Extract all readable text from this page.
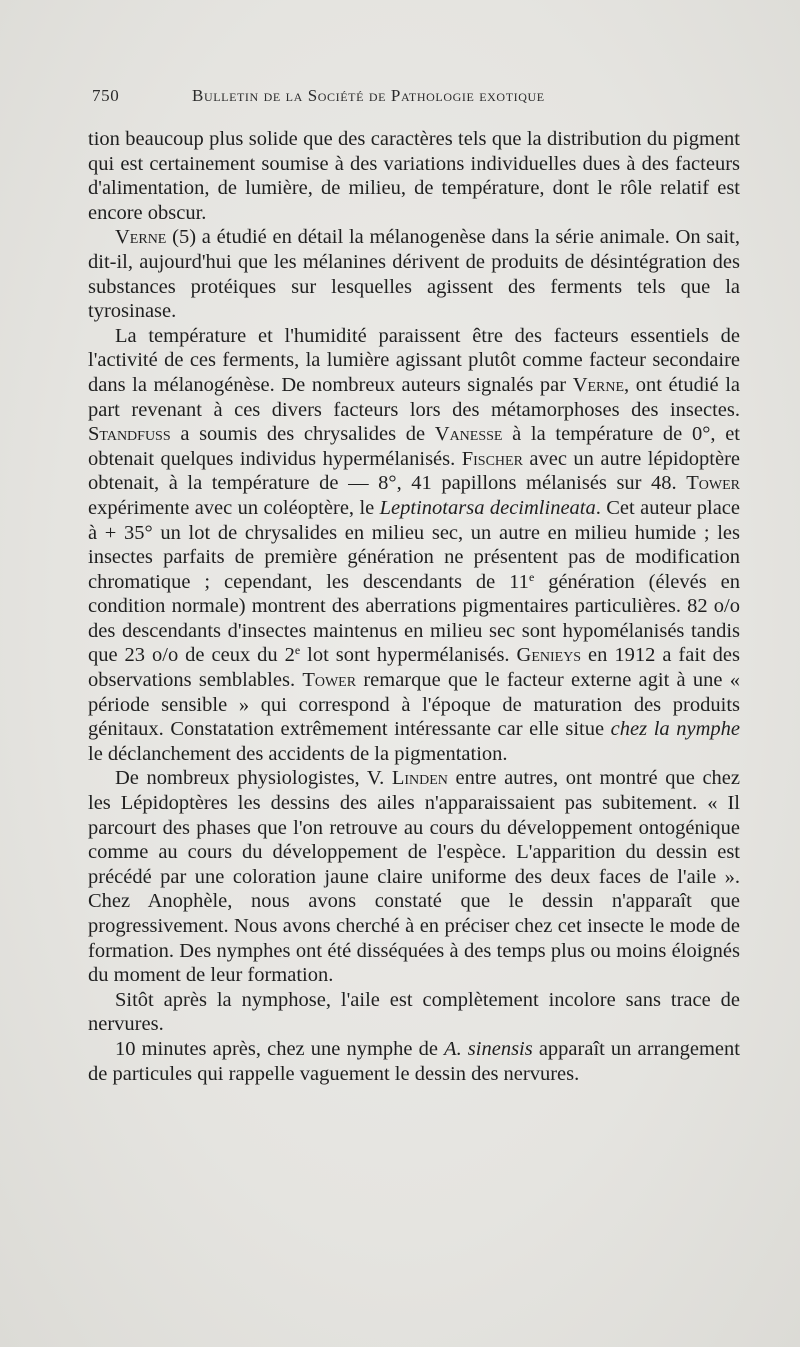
750	Bulletin de la Société de Pathologie exotique

tion beaucoup plus solide que des caractères tels que la distribution du pigment qui est certainement soumise à des variations individuelles dues à des facteurs d'alimentation, de lumière, de milieu, de température, dont le rôle relatif est encore obscur.

Verne (5) a étudié en détail la mélanogenèse dans la série animale. On sait, dit-il, aujourd'hui que les mélanines dérivent de produits de désintégration des substances protéiques sur lesquelles agissent des ferments tels que la tyrosinase.

La température et l'humidité paraissent être des facteurs essentiels de l'activité de ces ferments, la lumière agissant plutôt comme facteur secondaire dans la mélanogénèse. De nombreux auteurs signalés par Verne, ont étudié la part revenant à ces divers facteurs lors des métamorphoses des insectes. Standfuss a soumis des chrysalides de Vanesse à la température de 0°, et obtenait quelques individus hypermélanisés. Fischer avec un autre lépidoptère obtenait, à la température de — 8°, 41 papillons mélanisés sur 48. Tower expérimente avec un coléoptère, le Leptinotarsa decimlineata. Cet auteur place à + 35° un lot de chrysalides en milieu sec, un autre en milieu humide ; les insectes parfaits de première génération ne présentent pas de modification chromatique ; cependant, les descendants de 11e génération (élevés en condition normale) montrent des aberrations pigmentaires particulières. 82 o/o des descendants d'insectes maintenus en milieu sec sont hypomélanisés tandis que 23 o/o de ceux du 2e lot sont hypermélanisés. Genieys en 1912 a fait des observations semblables. Tower remarque que le facteur externe agit à une « période sensible » qui correspond à l'époque de maturation des produits génitaux. Constatation extrêmement intéressante car elle situe chez la nymphe le déclanchement des accidents de la pigmentation.

De nombreux physiologistes, V. Linden entre autres, ont montré que chez les Lépidoptères les dessins des ailes n'apparaissaient pas subitement. « Il parcourt des phases que l'on retrouve au cours du développement ontogénique comme au cours du développement de l'espèce. L'apparition du dessin est précédé par une coloration jaune claire uniforme des deux faces de l'aile ». Chez Anophèle, nous avons constaté que le dessin n'apparaît que progressivement. Nous avons cherché à en préciser chez cet insecte le mode de formation. Des nymphes ont été disséquées à des temps plus ou moins éloignés du moment de leur formation.

Sitôt après la nymphose, l'aile est complètement incolore sans trace de nervures.

10 minutes après, chez une nymphe de A. sinensis apparaît un arrangement de particules qui rappelle vaguement le dessin des nervures.
